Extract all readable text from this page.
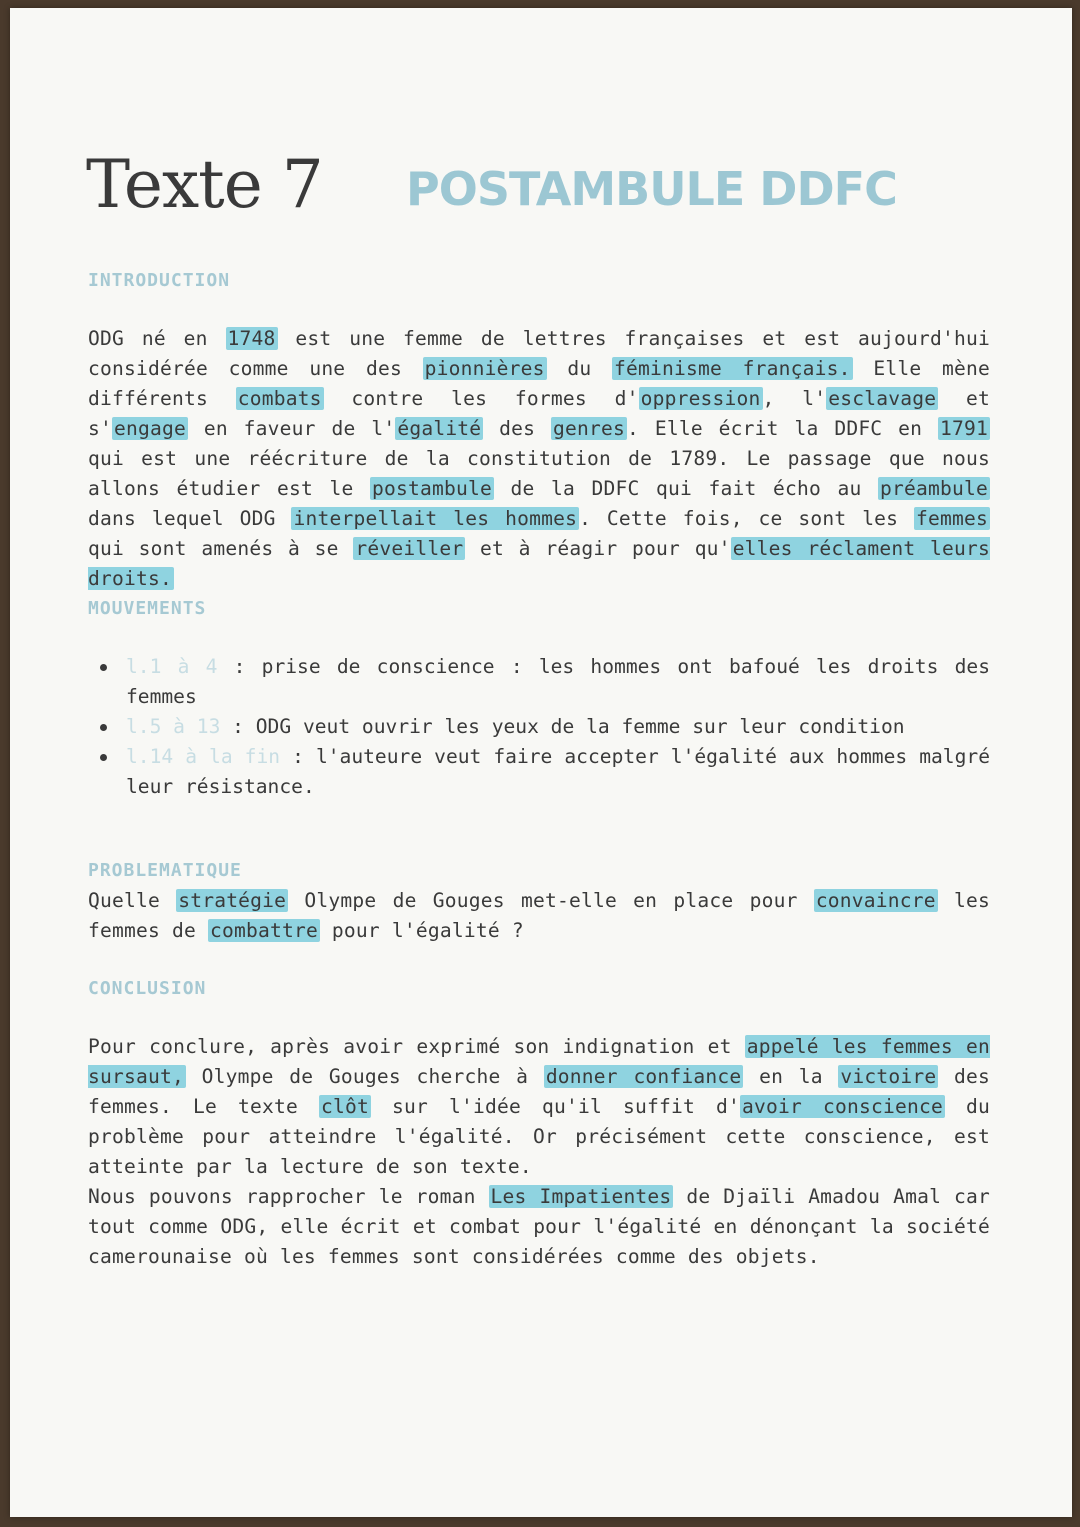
Texte 7 POSTAMBULE DDFC
INTRODUCTION
ODG né en 1748 est une femme de lettres françaises et est aujourd'hui considérée comme une des pionnières du féminisme français. Elle mène différents combats contre les formes d' oppression , l' esclavage et s' engage en faveur de l' égalité des genres . Elle écrit la DDFC en 1791 qui est une réécriture de la constitution de 1789. Le passage que nous allons étudier est le postambule de la DDFC qui fait écho au préambule dans lequel ODG interpellait les hommes . Cette fois, ce sont les femmes qui sont amenés à se réveiller et à réagir pour qu' elles réclament leurs droits.
MOUVEMENTS
l.1 à 4 : prise de conscience : les hommes ont bafoué les droits des femmes
l.5 à 13 : ODG veut ouvrir les yeux de la femme sur leur condition
l.14 à la fin : l'auteure veut faire accepter l'égalité aux hommes malgré leur résistance.
PROBLEMATIQUE
Quelle stratégie Olympe de Gouges met-elle en place pour convaincre les femmes de combattre pour l'égalité ?
CONCLUSION
Pour conclure, après avoir exprimé son indignation et appelé les femmes en sursaut, Olympe de Gouges cherche à donner confiance en la victoire des femmes. Le texte clôt sur l'idée qu'il suffit d' avoir conscience du problème pour atteindre l'égalité. Or précisément cette conscience, est atteinte par la lecture de son texte.
Nous pouvons rapprocher le roman Les Impatientes de Djaïli Amadou Amal car tout comme ODG, elle écrit et combat pour l'égalité en dénonçant la société camerounaise où les femmes sont considérées comme des objets.
